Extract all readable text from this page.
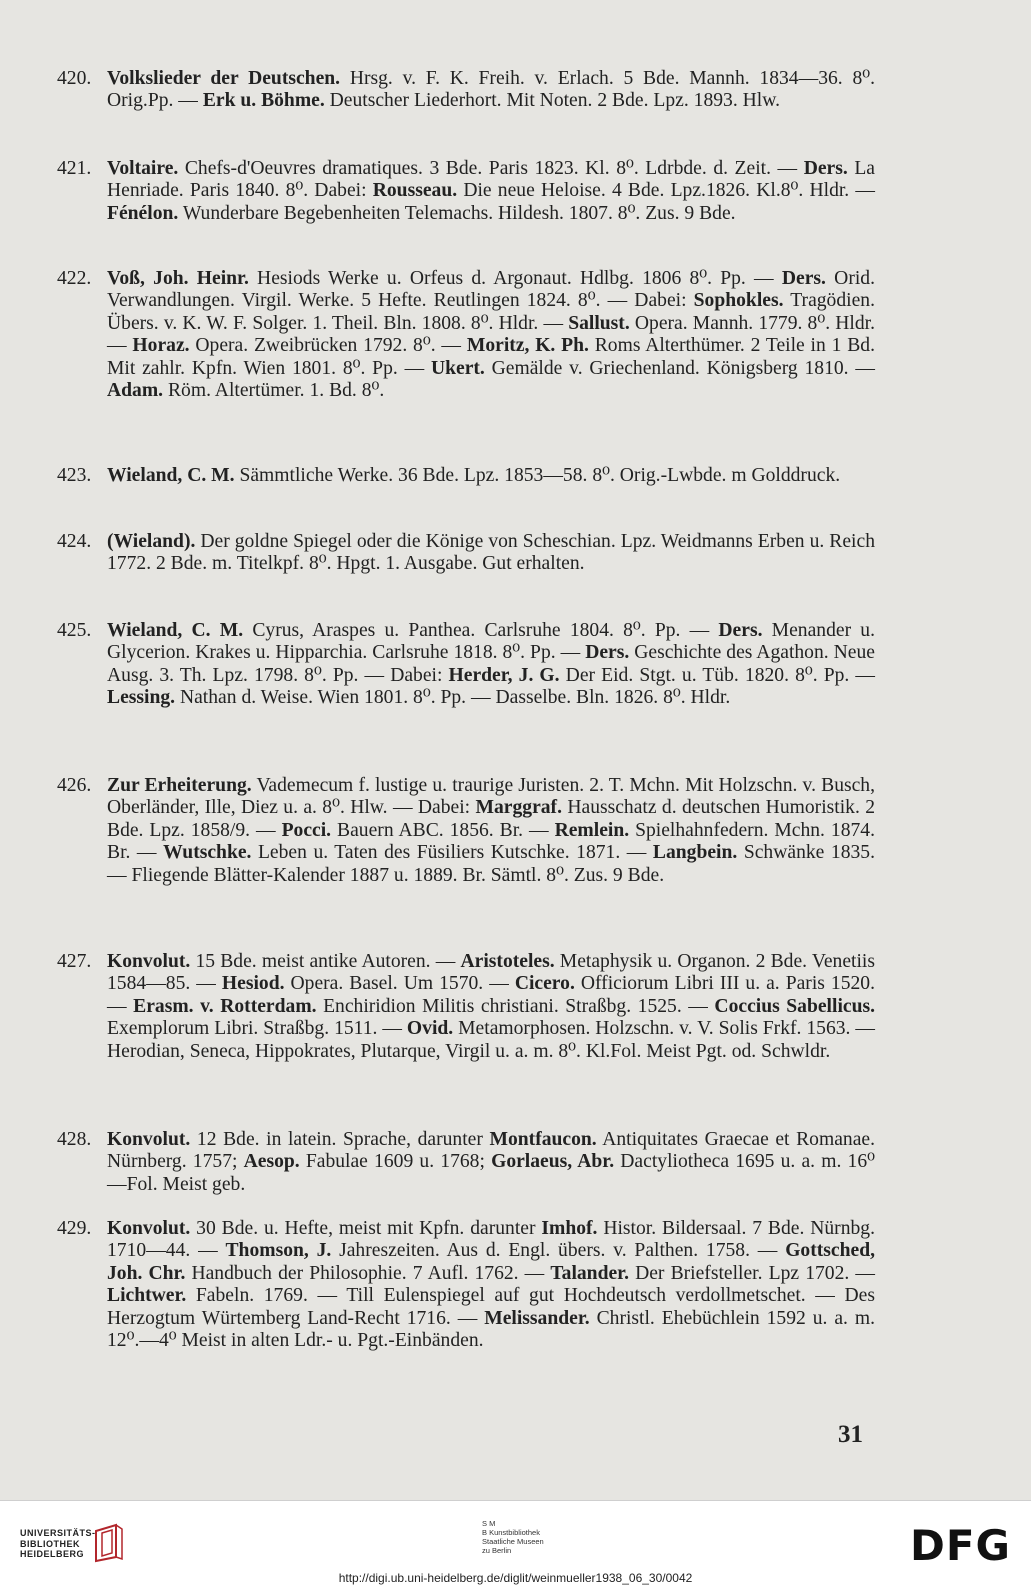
420. Volkslieder der Deutschen. Hrsg. v. F. K. Freih. v. Erlach. 5 Bde. Mannh. 1834—36. 8⁰. Orig.Pp. — Erk u. Böhme. Deutscher Liederhort. Mit Noten. 2 Bde. Lpz. 1893. Hlw.
421. Voltaire. Chefs-d'Oeuvres dramatiques. 3 Bde. Paris 1823. Kl. 8⁰. Ldrbde. d. Zeit. — Ders. La Henriade. Paris 1840. 8⁰. Dabei: Rousseau. Die neue Heloise. 4 Bde. Lpz.1826. Kl.8⁰. Hldr. — Fénélon. Wunderbare Begebenheiten Telemachs. Hildesh. 1807. 8⁰. Zus. 9 Bde.
422. Voß, Joh. Heinr. Hesiods Werke u. Orfeus d. Argonaut. Hdlbg. 1806 8⁰. Pp. — Ders. Orid. Verwandlungen. Virgil. Werke. 5 Hefte. Reutlingen 1824. 8⁰. — Dabei: Sophokles. Tragödien. Übers. v. K. W. F. Solger. 1. Theil. Bln. 1808. 8⁰. Hldr. — Sallust. Opera. Mannh. 1779. 8⁰. Hldr. — Horaz. Opera. Zweibrücken 1792. 8⁰. — Moritz, K. Ph. Roms Alterthümer. 2 Teile in 1 Bd. Mit zahlr. Kpfn. Wien 1801. 8⁰. Pp. — Ukert. Gemälde v. Griechenland. Königsberg 1810. — Adam. Röm. Altertümer. 1. Bd. 8⁰.
423. Wieland, C. M. Sämmtliche Werke. 36 Bde. Lpz. 1853—58. 8⁰. Orig.-Lwbde. m Golddruck.
424. (Wieland). Der goldne Spiegel oder die Könige von Scheschian. Lpz. Weidmanns Erben u. Reich 1772. 2 Bde. m. Titelkpf. 8⁰. Hpgt. 1. Ausgabe. Gut erhalten.
425. Wieland, C. M. Cyrus, Araspes u. Panthea. Carlsruhe 1804. 8⁰. Pp. — Ders. Menander u. Glycerion. Krakes u. Hipparchia. Carlsruhe 1818. 8⁰. Pp. — Ders. Geschichte des Agathon. Neue Ausg. 3. Th. Lpz. 1798. 8⁰. Pp. — Dabei: Herder, J. G. Der Eid. Stgt. u. Tüb. 1820. 8⁰. Pp. — Lessing. Nathan d. Weise. Wien 1801. 8⁰. Pp. — Dasselbe. Bln. 1826. 8⁰. Hldr.
426. Zur Erheiterung. Vademecum f. lustige u. traurige Juristen. 2. T. Mchn. Mit Holzschn. v. Busch, Oberländer, Ille, Diez u. a. 8⁰. Hlw. — Dabei: Marggraf. Hausschatz d. deutschen Humoristik. 2 Bde. Lpz. 1858/9. — Pocci. Bauern ABC. 1856. Br. — Remlein. Spielhahnfedern. Mchn. 1874. Br. — Wutschke. Leben u. Taten des Füsiliers Kutschke. 1871. — Langbein. Schwänke 1835. — Fliegende Blätter-Kalender 1887 u. 1889. Br. Sämtl. 8⁰. Zus. 9 Bde.
427. Konvolut. 15 Bde. meist antike Autoren. — Aristoteles. Metaphysik u. Organon. 2 Bde. Venetiis 1584—85. — Hesiod. Opera. Basel. Um 1570. — Cicero. Officiorum Libri III u. a. Paris 1520. — Erasm. v. Rotterdam. Enchiridion Militis christiani. Straßbg. 1525. — Coccius Sabellicus. Exemplorum Libri. Straßbg. 1511. — Ovid. Metamorphosen. Holzschn. v. V. Solis Frkf. 1563. — Herodian, Seneca, Hippokrates, Plutarque, Virgil u. a. m. 8⁰. Kl.Fol. Meist Pgt. od. Schwldr.
428. Konvolut. 12 Bde. in latein. Sprache, darunter Montfaucon. Antiquitates Graecae et Romanae. Nürnberg. 1757; Aesop. Fabulae 1609 u. 1768; Gorlaeus, Abr. Dactyliotheca 1695 u. a. m. 16⁰—Fol. Meist geb.
429. Konvolut. 30 Bde. u. Hefte, meist mit Kpfn. darunter Imhof. Histor. Bildersaal. 7 Bde. Nürnbg. 1710—44. — Thomson, J. Jahreszeiten. Aus d. Engl. übers. v. Palthen. 1758. — Gottsched, Joh. Chr. Handbuch der Philosophie. 7 Aufl. 1762. — Talander. Der Briefsteller. Lpz 1702. — Lichtwer. Fabeln. 1769. — Till Eulenspiegel auf gut Hochdeutsch verdollmetschet. — Des Herzogtum Würtemberg Land-Recht 1716. — Melissander. Christl. Ehebüchlein 1592 u. a. m. 12⁰.—4⁰ Meist in alten Ldr.- u. Pgt.-Einbänden.
31
UNIVERSITÄTS-
BIBLIOTHEK
HEIDELBERG
S M
B Kunstbibliothek
Staatliche Museen
zu Berlin
http://digi.ub.uni-heidelberg.de/diglit/weinmueller1938_06_30/0042
DFG
